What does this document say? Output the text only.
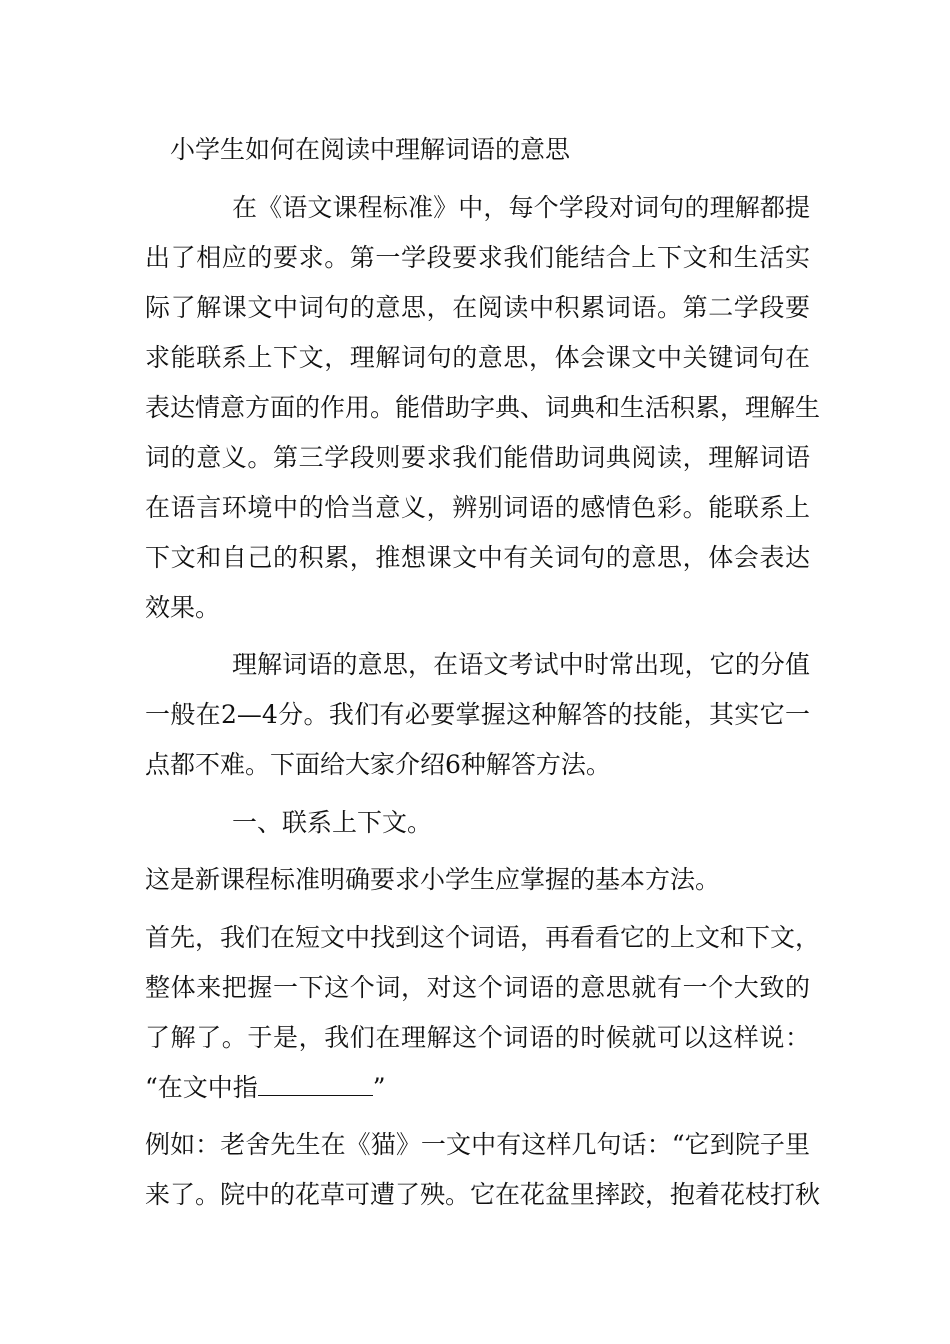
小学生如何在阅读中理解词语的意思
在《语文课程标准》中，每个学段对词句的理解都提
出了相应的要求。第一学段要求我们能结合上下文和生活实
际了解课文中词句的意思，在阅读中积累词语。第二学段要
求能联系上下文，理解词句的意思，体会课文中关键词句在
表达情意方面的作用。能借助字典、词典和生活积累，理解生
词的意义。第三学段则要求我们能借助词典阅读，理解词语
在语言环境中的恰当意义，辨别词语的感情色彩。能联系上
下文和自己的积累，推想课文中有关词句的意思，体会表达
效果。
理解词语的意思，在语文考试中时常出现，它的分值
一般在2—4分。我们有必要掌握这种解答的技能，其实它一
点都不难。下面给大家介绍6种解答方法。
一、联系上下文。
这是新课程标准明确要求小学生应掌握的基本方法。
首先，我们在短文中找到这个词语，再看看它的上文和下文，
整体来把握一下这个词，对这个词语的意思就有一个大致的
了解了。于是，我们在理解这个词语的时候就可以这样说：
“在文中指	”
例如：老舍先生在《猫》一文中有这样几句话：“它到院子里
来了。院中的花草可遭了殃。它在花盆里摔跤，抱着花枝打秋
